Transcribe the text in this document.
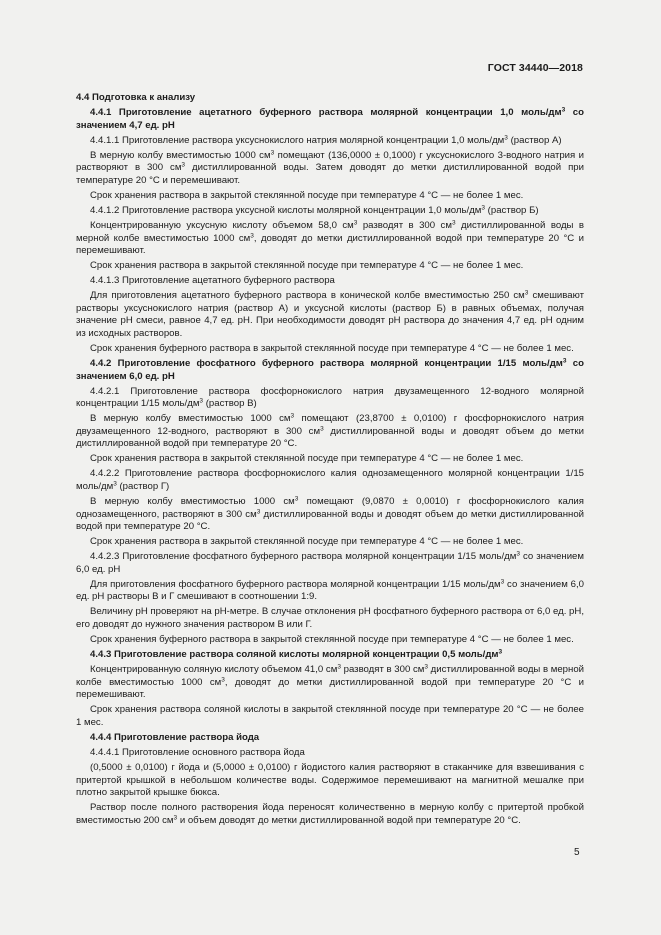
ГОСТ 34440—2018

4.4 Подготовка к анализу

4.4.1 Приготовление ацетатного буферного раствора молярной концентрации 1,0 моль/$дм^3$ со значением 4,7 ед. рН

4.4.1.1 Приготовление раствора уксуснокислого натрия молярной концентрации 1,0 моль/$дм^3$ (раствор А)

В мерную колбу вместимостью 1000 $см^3$ помещают (136,0000 ± 0,1000) г уксуснокислого 3-водного натрия и растворяют в 300 $см^3$ дистиллированной воды. Затем доводят до метки дистиллированной водой при температуре 20 °С и перемешивают.

Срок хранения раствора в закрытой стеклянной посуде при температуре 4 °С — не более 1 мес.

4.4.1.2 Приготовление раствора уксусной кислоты молярной концентрации 1,0 моль/$дм^3$ (раствор Б)

Концентрированную уксусную кислоту объемом 58,0 $см^3$ разводят в 300 $см^3$ дистиллированной воды в мерной колбе вместимостью 1000 $см^3$, доводят до метки дистиллированной водой при температуре 20 °С и перемешивают.

Срок хранения раствора в закрытой стеклянной посуде при температуре 4 °С — не более 1 мес.

4.4.1.3 Приготовление ацетатного буферного раствора

Для приготовления ацетатного буферного раствора в конической колбе вместимостью 250 $см^3$ смешивают растворы уксуснокислого натрия (раствор А) и уксусной кислоты (раствор Б) в равных объемах, получая значение рН смеси, равное 4,7 ед. рН. При необходимости доводят рН раствора до значения 4,7 ед. рН одним из исходных растворов.

Срок хранения буферного раствора в закрытой стеклянной посуде при температуре 4 °С — не более 1 мес.

4.4.2 Приготовление фосфатного буферного раствора молярной концентрации 1/15 моль/$дм^3$ со значением 6,0 ед. рН

4.4.2.1 Приготовление раствора фосфорнокислого натрия двузамещенного 12-водного молярной концентрации 1/15 моль/$дм^3$ (раствор В)

В мерную колбу вместимостью 1000 $см^3$ помещают (23,8700 ± 0,0100) г фосфорнокислого натрия двузамещенного 12-водного, растворяют в 300 $см^3$ дистиллированной воды и доводят объем до метки дистиллированной водой при температуре 20 °С.

Срок хранения раствора в закрытой стеклянной посуде при температуре 4 °С — не более 1 мес.

4.4.2.2 Приготовление раствора фосфорнокислого калия однозамещенного молярной концентрации 1/15 моль/$дм^3$ (раствор Г)

В мерную колбу вместимостью 1000 $см^3$ помещают (9,0870 ± 0,0010) г фосфорнокислого калия однозамещенного, растворяют в 300 $см^3$ дистиллированной воды и доводят объем до метки дистиллированной водой при температуре 20 °С.

Срок хранения раствора в закрытой стеклянной посуде при температуре 4 °С — не более 1 мес.

4.4.2.3 Приготовление фосфатного буферного раствора молярной концентрации 1/15 моль/$дм^3$ со значением 6,0 ед. рН

Для приготовления фосфатного буферного раствора молярной концентрации 1/15 моль/$дм^3$ со значением 6,0 ед. рН растворы В и Г смешивают в соотношении 1:9.

Величину рН проверяют на рН-метре. В случае отклонения рН фосфатного буферного раствора от 6,0 ед. рН, его доводят до нужного значения раствором В или Г.

Срок хранения буферного раствора в закрытой стеклянной посуде при температуре 4 °С — не более 1 мес.

4.4.3 Приготовление раствора соляной кислоты молярной концентрации 0,5 моль/$дм^3$

Концентрированную соляную кислоту объемом 41,0 $см^3$ разводят в 300 $см^3$ дистиллированной воды в мерной колбе вместимостью 1000 $см^3$, доводят до метки дистиллированной водой при температуре 20 °С и перемешивают.

Срок хранения раствора соляной кислоты в закрытой стеклянной посуде при температуре 20 °С — не более 1 мес.

4.4.4 Приготовление раствора йода

4.4.4.1 Приготовление основного раствора йода

(0,5000 ± 0,0100) г йода и (5,0000 ± 0,0100) г йодистого калия растворяют в стаканчике для взвешивания с притертой крышкой в небольшом количестве воды. Содержимое перемешивают на магнитной мешалке при плотно закрытой крышке бюкса.

Раствор после полного растворения йода переносят количественно в мерную колбу с притертой пробкой вместимостью 200 $см^3$ и объем доводят до метки дистиллированной водой при температуре 20 °С.

5
